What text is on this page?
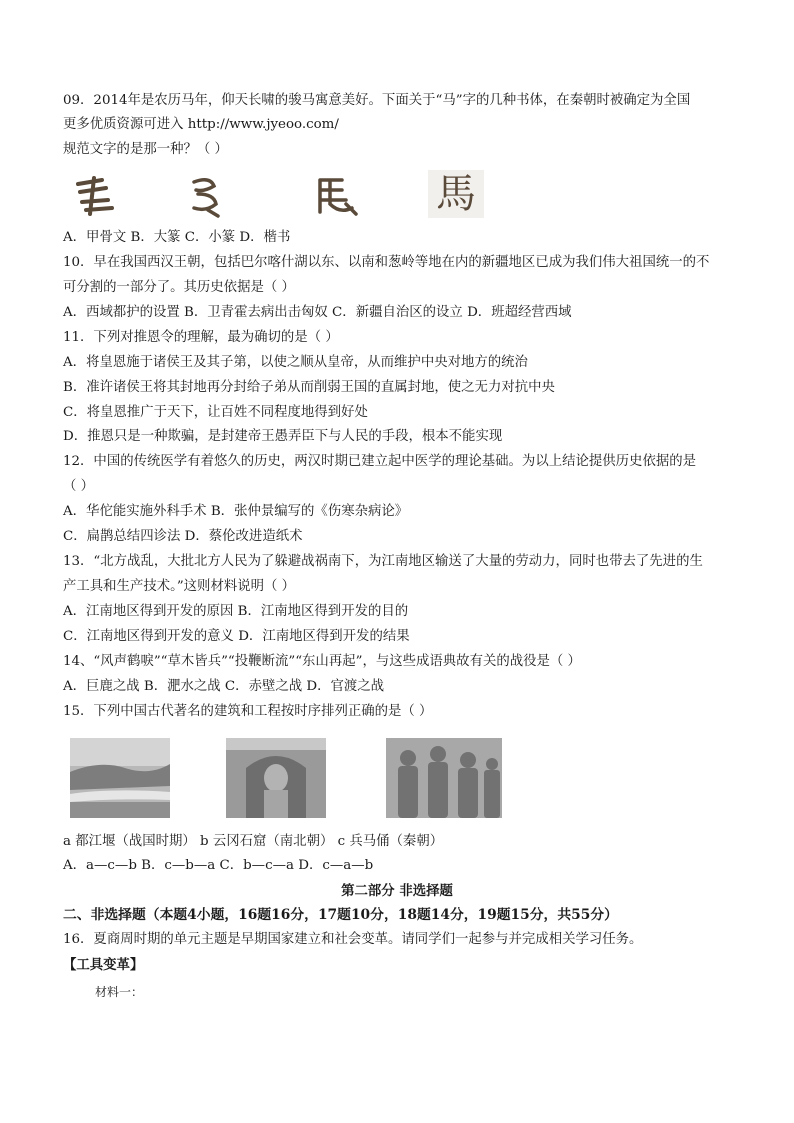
09．2014年是农历马年，仰天长啸的骏马寓意美好。下面关于“马”字的几种书体，在秦朝时被确定为全国
更多优质资源可进入 http://www.jyeoo.com/
规范文字的是那一种？（ ）
馬
A．甲骨文 B．大篆 C．小篆 D．楷书
10．早在我国西汉王朝，包括巴尔喀什湖以东、以南和葱岭等地在内的新疆地区已成为我们伟大祖国统一的不
可分割的一部分了。其历史依据是（ ）
A．西域都护的设置 B．卫青霍去病出击匈奴 C．新疆自治区的设立 D．班超经营西域
11．下列对推恩令的理解，最为确切的是（ ）
A．将皇恩施于诸侯王及其子第，以使之顺从皇帝，从而维护中央对地方的统治
B．准许诸侯王将其封地再分封给子弟从而削弱王国的直属封地，使之无力对抗中央
C．将皇恩推广于天下，让百姓不同程度地得到好处
D．推恩只是一种欺骗，是封建帝王愚弄臣下与人民的手段，根本不能实现
12．中国的传统医学有着悠久的历史，两汉时期已建立起中医学的理论基础。为以上结论提供历史依据的是
（ ）
A．华佗能实施外科手术 B．张仲景编写的《伤寒杂病论》
C．扁鹊总结四诊法 D．蔡伦改进造纸术
13．“北方战乱，大批北方人民为了躲避战祸南下，为江南地区输送了大量的劳动力，同时也带去了先进的生
产工具和生产技术。”这则材料说明（ ）
A．江南地区得到开发的原因 B．江南地区得到开发的目的
C．江南地区得到开发的意义 D．江南地区得到开发的结果
14、“风声鹤唳”“草木皆兵”“投鞭断流”“东山再起”，与这些成语典故有关的战役是（ ）
A．巨鹿之战 B．淝水之战 C．赤壁之战 D．官渡之战
15．下列中国古代著名的建筑和工程按时序排列正确的是（ ）
a 都江堰（战国时期） b 云冈石窟（南北朝） c 兵马俑（秦朝）
A．a—c—b B．c—b—a C．b—c—a D．c—a—b
第二部分 非选择题
二、非选择题（本题4小题，16题16分，17题10分，18题14分，19题15分，共55分）
16．夏商周时期的单元主题是早期国家建立和社会变革。请同学们一起参与并完成相关学习任务。
【工具变革】
材料一：
